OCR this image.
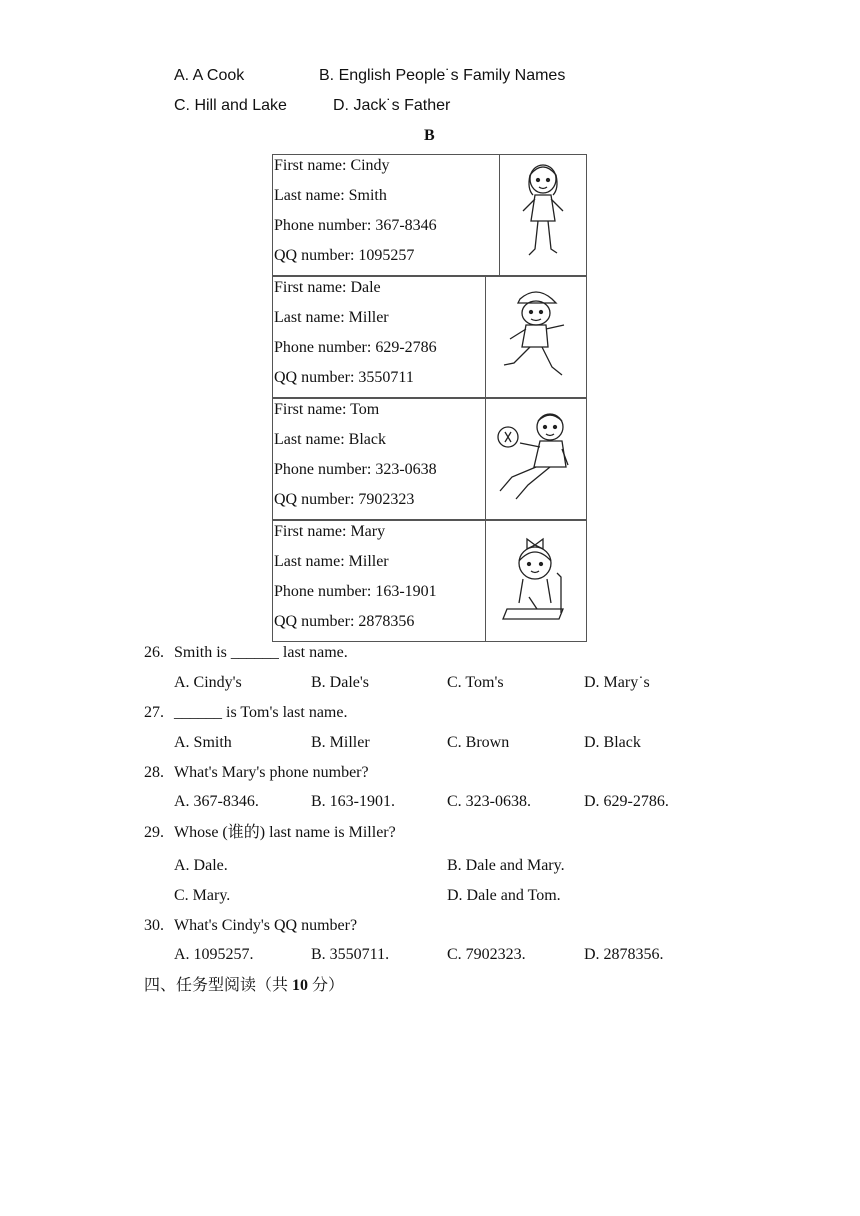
A. A Cook	B. English People˙s Family Names
C. Hill and Lake	D. Jack˙s Father
B
First name: Cindy
Last name: Smith
Phone number: 367-8346
QQ number: 1095257
First name: Dale
Last name: Miller
Phone number: 629-2786
QQ number: 3550711
First name: Tom
Last name: Black
Phone number: 323-0638
QQ number: 7902323
First name: Mary
Last name: Miller
Phone number: 163-1901
QQ number: 2878356
26. Smith is ______ last name.
A. Cindy's	B. Dale's	C. Tom's	D. Mary˙s
27. ______ is Tom's last name.
A. Smith	B. Miller	C. Brown	D. Black
28. What's Mary's phone number?
A. 367-8346.	B. 163-1901.	C. 323-0638.	D. 629-2786.
29. Whose (谁的) last name is Miller?
A. Dale.	B. Dale and Mary.
C. Mary.	D. Dale and Tom.
30. What's Cindy's QQ number?
A. 1095257.	B. 3550711.	C. 7902323.	D. 2878356.
四、任务型阅读（共 10 分）
